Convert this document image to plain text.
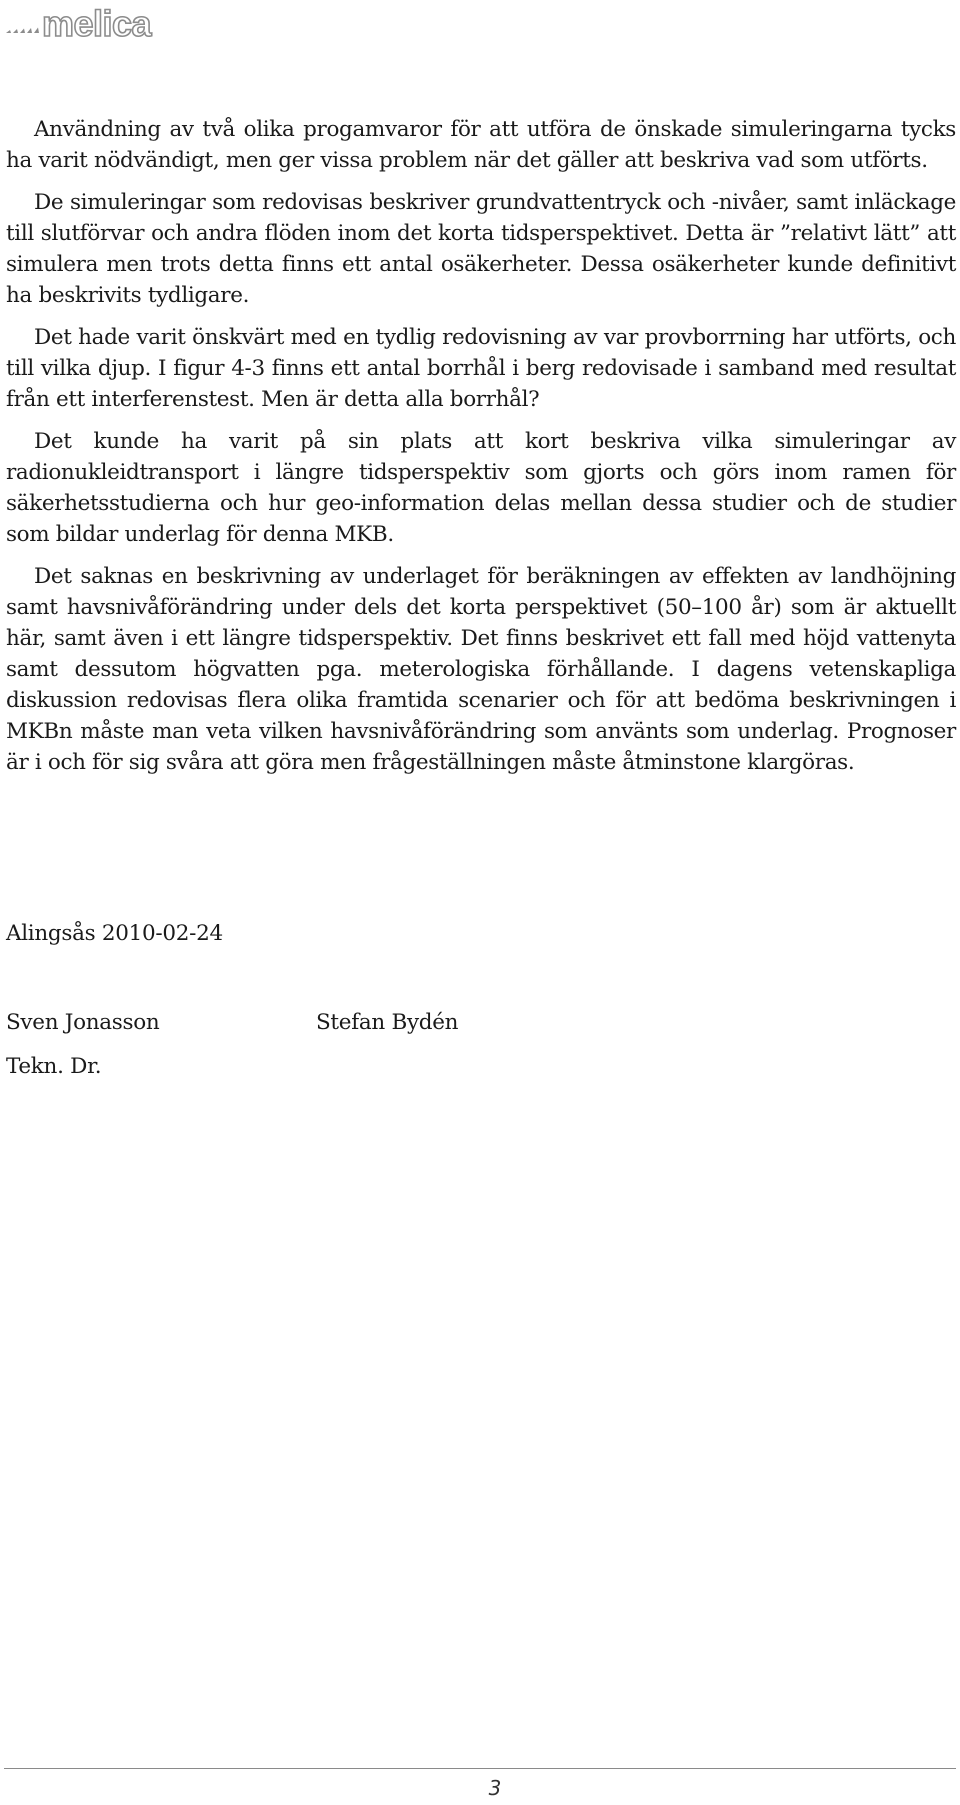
melica

Användning av två olika progamvaror för att utföra de önskade simuleringarna tycks ha varit nödvändigt, men ger vissa problem när det gäller att beskriva vad som utförts.

De simuleringar som redovisas beskriver grundvattentryck och -nivåer, samt inläckage till slutförvar och andra flöden inom det korta tidsperspektivet. Detta är ”relativt lätt” att simulera men trots detta finns ett antal osäkerheter. Dessa osäkerheter kunde definitivt ha beskrivits tydligare.

Det hade varit önskvärt med en tydlig redovisning av var provborrning har utförts, och till vilka djup. I figur 4-3 finns ett antal borrhål i berg redovisade i samband med resultat från ett interferenstest. Men är detta alla borrhål?

Det kunde ha varit på sin plats att kort beskriva vilka simuleringar av radionukleidtransport i längre tidsperspektiv som gjorts och görs inom ramen för säkerhetsstudierna och hur geo-information delas mellan dessa studier och de studier som bildar underlag för denna MKB.

Det saknas en beskrivning av underlaget för beräkningen av effekten av landhöjning samt havsnivåförändring under dels det korta perspektivet (50–100 år) som är aktuellt här, samt även i ett längre tidsperspektiv. Det finns beskrivet ett fall med höjd vattenyta samt dessutom högvatten pga. meterologiska förhållande. I dagens vetenskapliga diskussion redovisas flera olika framtida scenarier och för att bedöma beskrivningen i MKBn måste man veta vilken havsnivåförändring som använts som underlag. Prognoser är i och för sig svåra att göra men frågeställningen måste åtminstone klargöras.

Alingsås 2010-02-24
Sven Jonasson	Stefan Bydén
Tekn. Dr.
3
